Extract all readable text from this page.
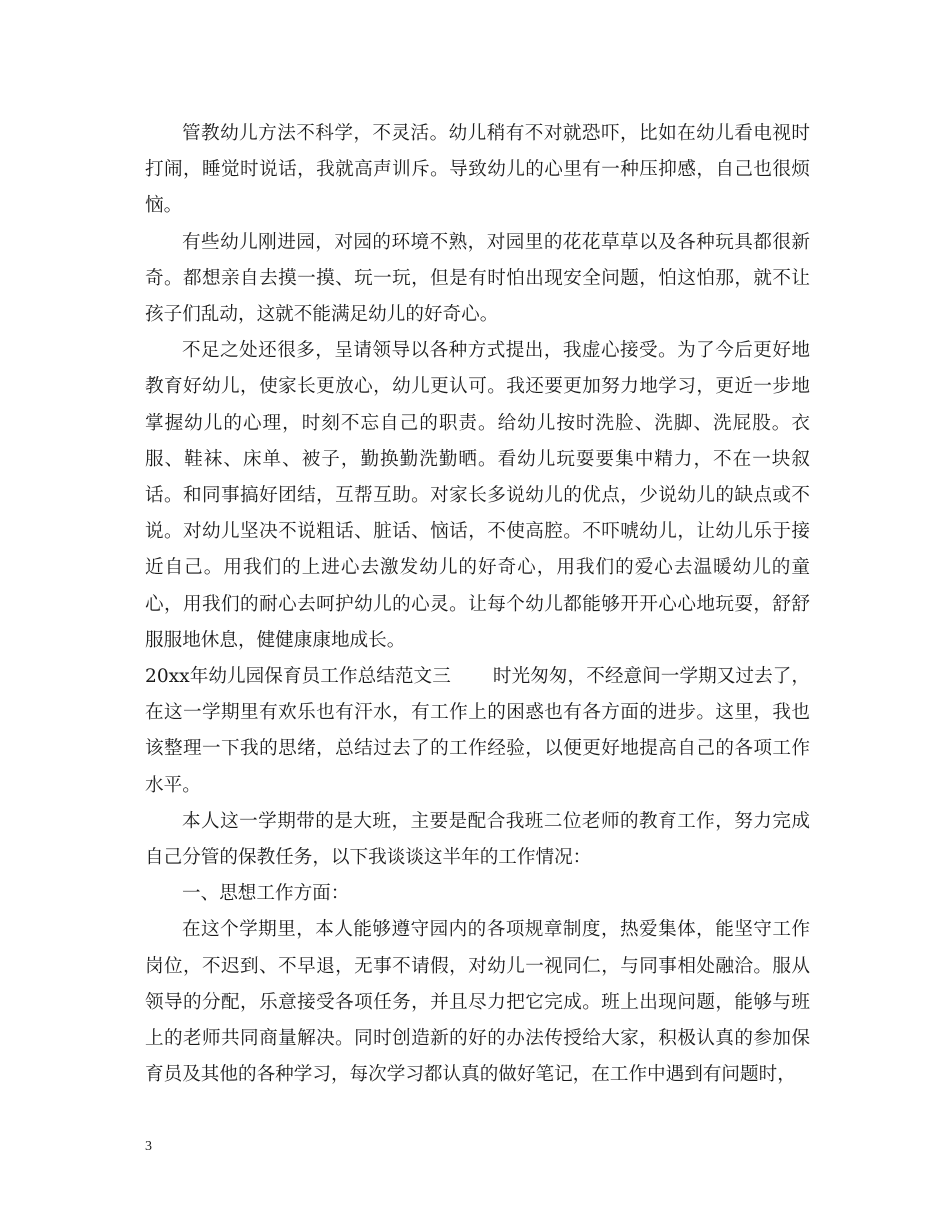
管教幼儿方法不科学，不灵活。幼儿稍有不对就恐吓，比如在幼儿看电视时打闹，睡觉时说话，我就高声训斥。导致幼儿的心里有一种压抑感，自己也很烦恼。

有些幼儿刚进园，对园的环境不熟，对园里的花花草草以及各种玩具都很新奇。都想亲自去摸一摸、玩一玩，但是有时怕出现安全问题，怕这怕那，就不让孩子们乱动，这就不能满足幼儿的好奇心。

不足之处还很多，呈请领导以各种方式提出，我虚心接受。为了今后更好地教育好幼儿，使家长更放心，幼儿更认可。我还要更加努力地学习，更近一步地掌握幼儿的心理，时刻不忘自己的职责。给幼儿按时洗脸、洗脚、洗屁股。衣服、鞋袜、床单、被子，勤换勤洗勤晒。看幼儿玩耍要集中精力，不在一块叙话。和同事搞好团结，互帮互助。对家长多说幼儿的优点，少说幼儿的缺点或不说。对幼儿坚决不说粗话、脏话、恼话，不使高腔。不吓唬幼儿，让幼儿乐于接近自己。用我们的上进心去激发幼儿的好奇心，用我们的爱心去温暖幼儿的童心，用我们的耐心去呵护幼儿的心灵。让每个幼儿都能够开开心心地玩耍，舒舒服服地休息，健健康康地成长。

20xx年幼儿园保育员工作总结范文三 时光匆匆，不经意间一学期又过去了，在这一学期里有欢乐也有汗水，有工作上的困惑也有各方面的进步。这里，我也该整理一下我的思绪，总结过去了的工作经验，以便更好地提高自己的各项工作水平。

本人这一学期带的是大班，主要是配合我班二位老师的教育工作，努力完成自己分管的保教任务，以下我谈谈这半年的工作情况：

一、思想工作方面：

在这个学期里，本人能够遵守园内的各项规章制度，热爱集体，能坚守工作岗位，不迟到、不早退，无事不请假，对幼儿一视同仁，与同事相处融洽。服从领导的分配，乐意接受各项任务，并且尽力把它完成。班上出现问题，能够与班上的老师共同商量解决。同时创造新的好的办法传授给大家，积极认真的参加保育员及其他的各种学习，每次学习都认真的做好笔记，在工作中遇到有问题时，

3
